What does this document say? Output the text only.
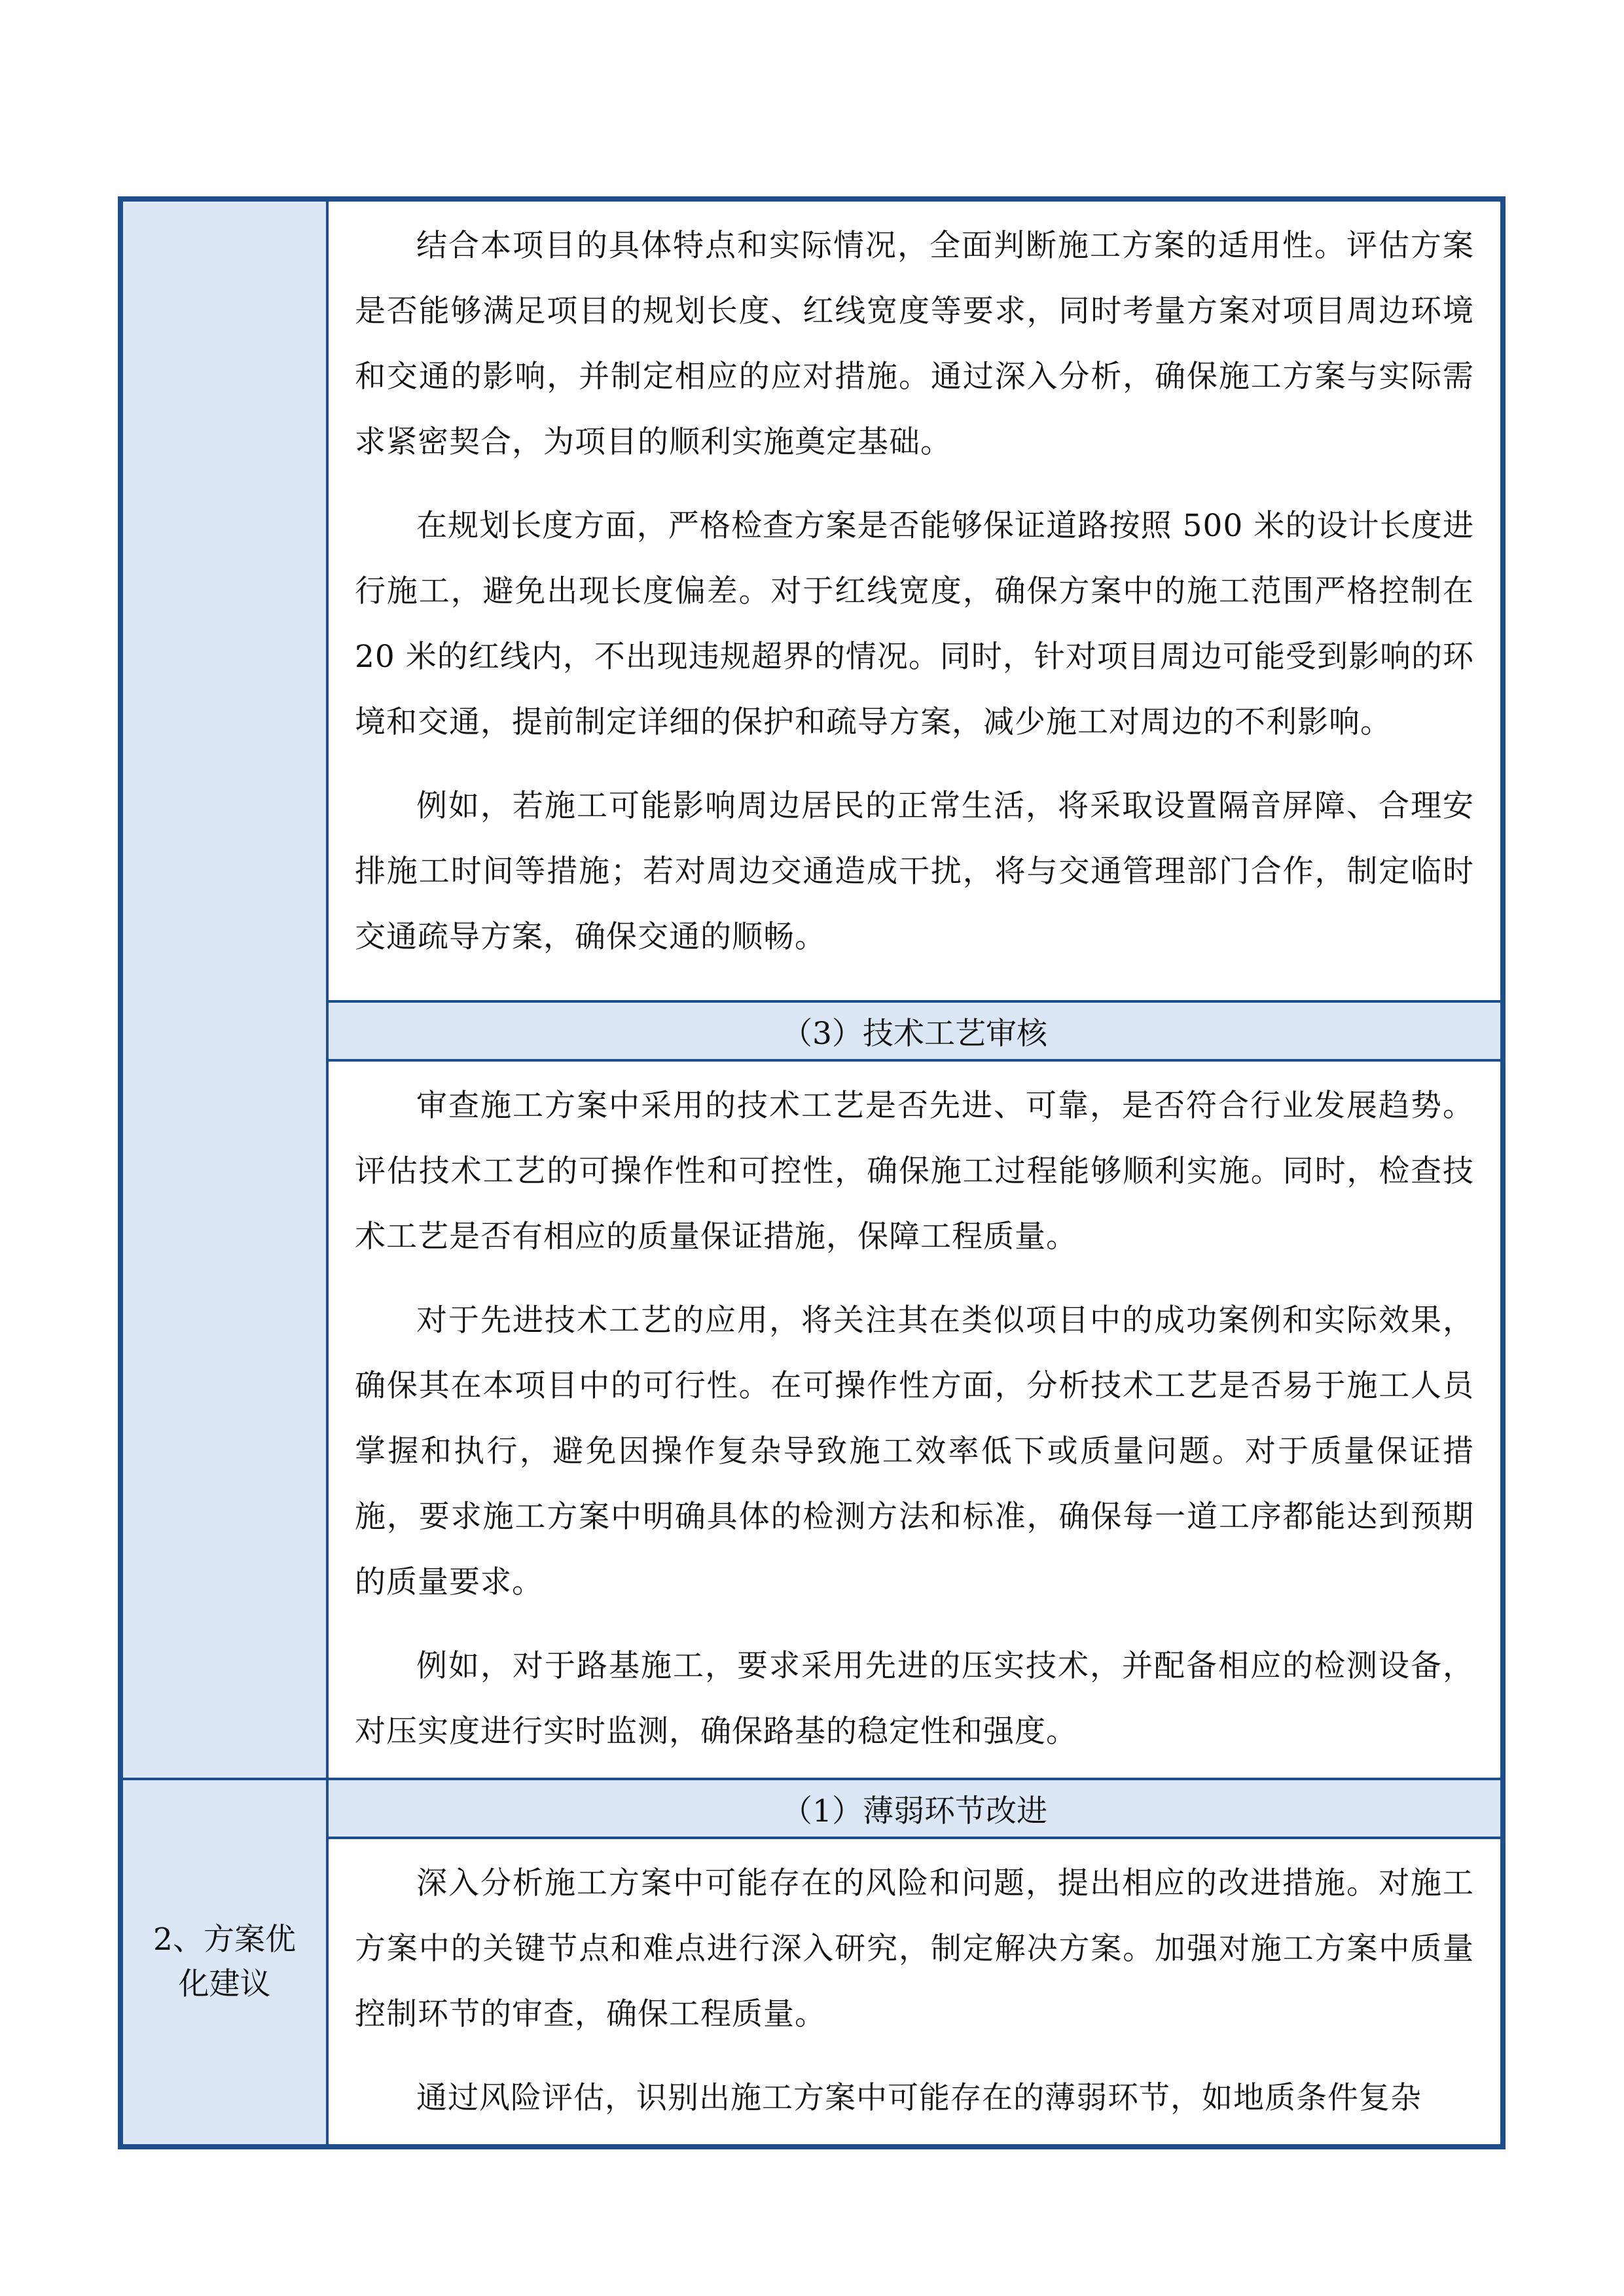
	结合本项目的具体特点和实际情况，全面判断施工方案的适用性。评估方案是否能够满足项目的规划长度、红线宽度等要求，同时考量方案对项目周边环境和交通的影响，并制定相应的应对措施。通过深入分析，确保施工方案与实际需求紧密契合，为项目的顺利实施奠定基础。

在规划长度方面，严格检查方案是否能够保证道路按照 500 米的设计长度进行施工，避免出现长度偏差。对于红线宽度，确保方案中的施工范围严格控制在 20 米的红线内，不出现违规超界的情况。同时，针对项目周边可能受到影响的环境和交通，提前制定详细的保护和疏导方案，减少施工对周边的不利影响。

例如，若施工可能影响周边居民的正常生活，将采取设置隔音屏障、合理安排施工时间等措施；若对周边交通造成干扰，将与交通管理部门合作，制定临时交通疏导方案，确保交通的顺畅。

	（3）技术工艺审核

	审查施工方案中采用的技术工艺是否先进、可靠，是否符合行业发展趋势。评估技术工艺的可操作性和可控性，确保施工过程能够顺利实施。同时，检查技术工艺是否有相应的质量保证措施，保障工程质量。

对于先进技术工艺的应用，将关注其在类似项目中的成功案例和实际效果，确保其在本项目中的可行性。在可操作性方面，分析技术工艺是否易于施工人员掌握和执行，避免因操作复杂导致施工效率低下或质量问题。对于质量保证措施，要求施工方案中明确具体的检测方法和标准，确保每一道工序都能达到预期的质量要求。

例如，对于路基施工，要求采用先进的压实技术，并配备相应的检测设备，对压实度进行实时监测，确保路基的稳定性和强度。

2、方案优化建议	（1）薄弱环节改进

	深入分析施工方案中可能存在的风险和问题，提出相应的改进措施。对施工方案中的关键节点和难点进行深入研究，制定解决方案。加强对施工方案中质量控制环节的审查，确保工程质量。

通过风险评估，识别出施工方案中可能存在的薄弱环节，如地质条件复杂
